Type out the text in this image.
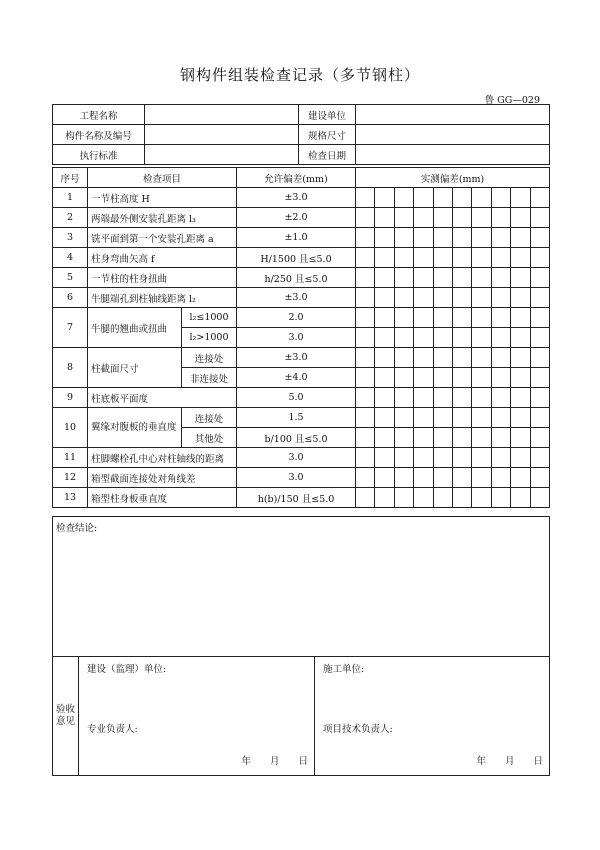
钢构件组装检查记录（多节钢柱）
鲁 GG—029
工程名称		建设单位	
构件名称及编号		规格尺寸	
执行标准		检查日期	
序号	检查项目		允许偏差(mm)	实测偏差(mm)									
1	一节柱高度 H		±3.0										
2	两端最外侧安装孔距离 l₃		±2.0										
3	铣平面到第一个安装孔距离 a		±1.0										
4	柱身弯曲矢高 f		H/1500 且≤5.0										
5	一节柱的柱身扭曲		h/250 且≤5.0										
6	牛腿端孔到柱轴线距离 l₂		±3.0										
7	牛腿的翘曲或扭曲	l₂≤1000	2.0										
		l₂>1000	3.0										
8	柱截面尺寸	连接处	±3.0										
		非连接处	±4.0										
9	柱底板平面度		5.0										
10	翼缘对腹板的垂直度	连接处	1.5										
		其他处	b/100 且≤5.0										
11	柱脚螺栓孔中心对柱轴线的距离		3.0										
12	箱型截面连接处对角线差		3.0										
13	箱型柱身板垂直度		h(b)/150 且≤5.0										
检查结论:
验收意见	
建设（监理）单位:
专业负责人:
年　　月　　日

施工单位:
项目技术负责人:
年　　月　　日
